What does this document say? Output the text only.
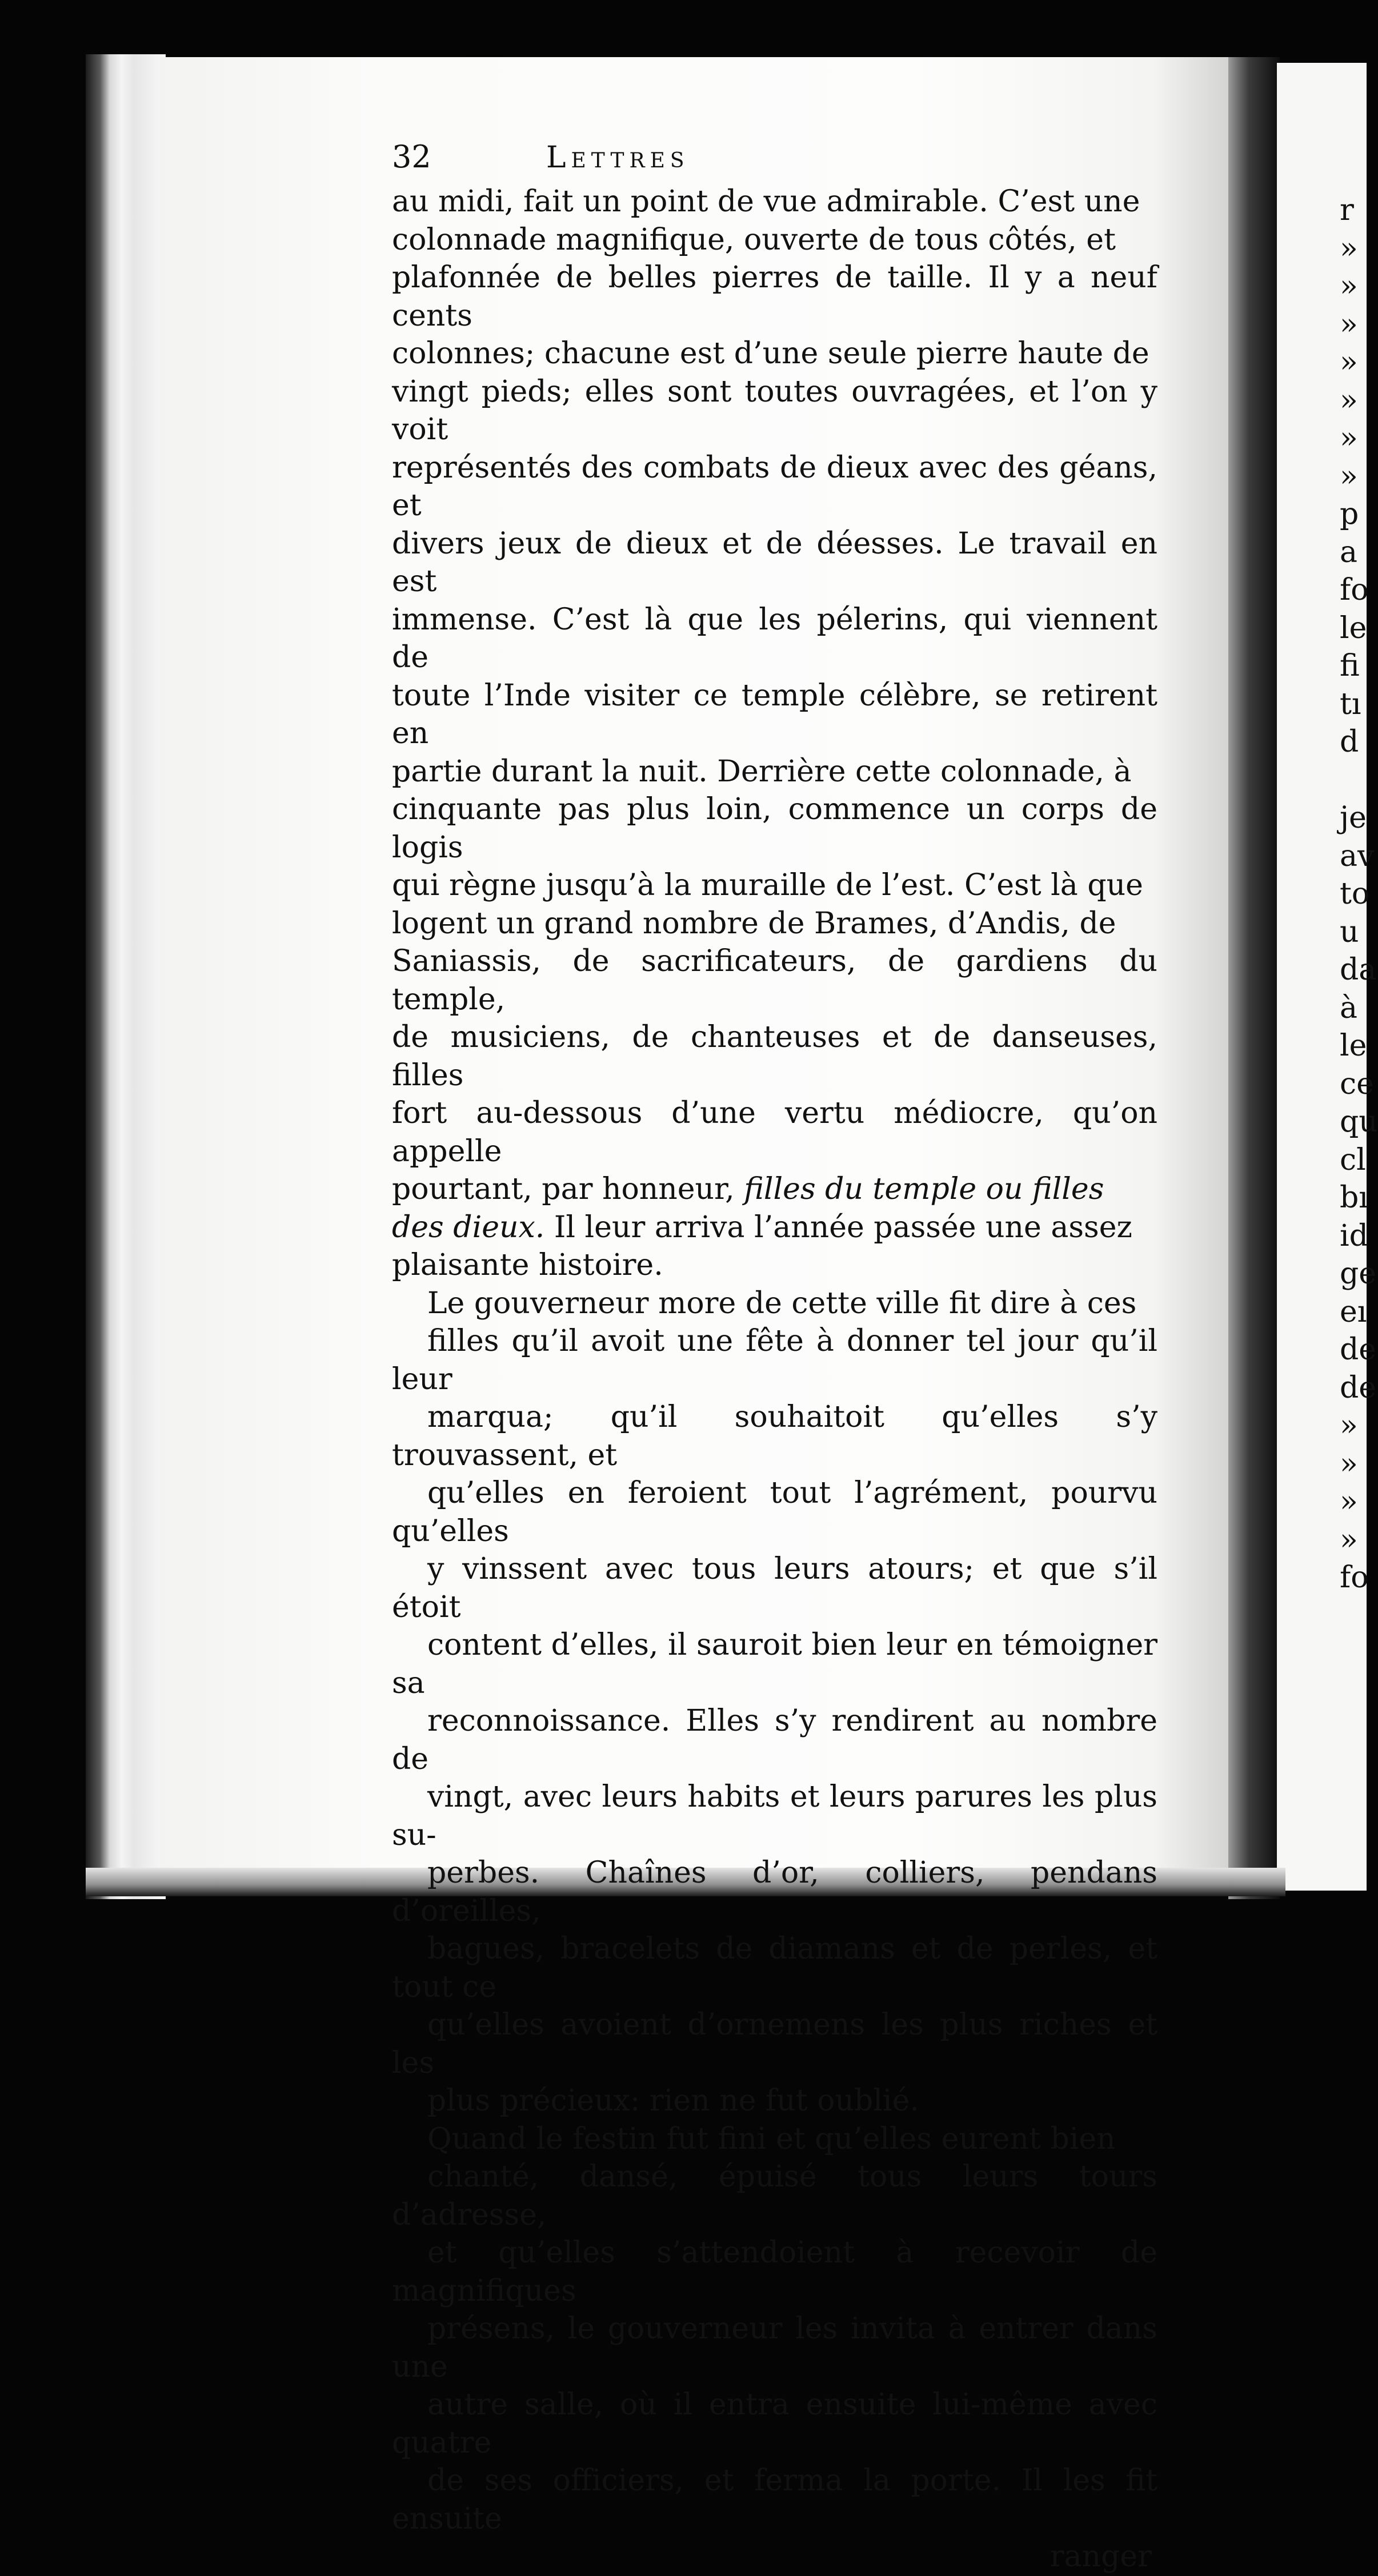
32	Lettres

au midi, fait un point de vue admirable. C’est une
colonnade magnifique, ouverte de tous côtés, et
plafonnée de belles pierres de taille. Il y a neuf cents
colonnes; chacune est d’une seule pierre haute de
vingt pieds; elles sont toutes ouvragées, et l’on y voit
représentés des combats de dieux avec des géans, et
divers jeux de dieux et de déesses. Le travail en est
immense. C’est là que les pélerins, qui viennent de
toute l’Inde visiter ce temple célèbre, se retirent en
partie durant la nuit. Derrière cette colonnade, à
cinquante pas plus loin, commence un corps de logis
qui règne jusqu’à la muraille de l’est. C’est là que
logent un grand nombre de Brames, d’Andis, de
Saniassis, de sacrificateurs, de gardiens du temple,
de musiciens, de chanteuses et de danseuses, filles
fort au-dessous d’une vertu médiocre, qu’on appelle
pourtant, par honneur, filles du temple ou filles
des dieux. Il leur arriva l’année passée une assez
plaisante histoire.

Le gouverneur more de cette ville fit dire à ces
filles qu’il avoit une fête à donner tel jour qu’il leur
marqua; qu’il souhaitoit qu’elles s’y trouvassent, et
qu’elles en feroient tout l’agrément, pourvu qu’elles
y vinssent avec tous leurs atours; et que s’il étoit
content d’elles, il sauroit bien leur en témoigner sa
reconnoissance. Elles s’y rendirent au nombre de
vingt, avec leurs habits et leurs parures les plus su-
perbes. Chaînes d’or, colliers, pendans d’oreilles,
bagues, bracelets de diamans et de perles, et tout ce
qu’elles avoient d’ornemens les plus riches et les
plus précieux: rien ne fut oublié.

Quand le festin fut fini et qu’elles eurent bien
chanté, dansé, épuisé tous leurs tours d’adresse,
et qu’elles s’attendoient à recevoir de magnifiques
présens, le gouverneur les invita à entrer dans une
autre salle, où il entra ensuite lui-même avec quatre
de ses officiers, et ferma la porte. Il les fit ensuite

ranger
r
»
»
»
»
»
»
»
p
a
fo
le
fi
tı
d
je
av
to
u
da
à
le
ce
qu
cl
bı
id
ge
eı
de
de
»
»
»
»
fo
